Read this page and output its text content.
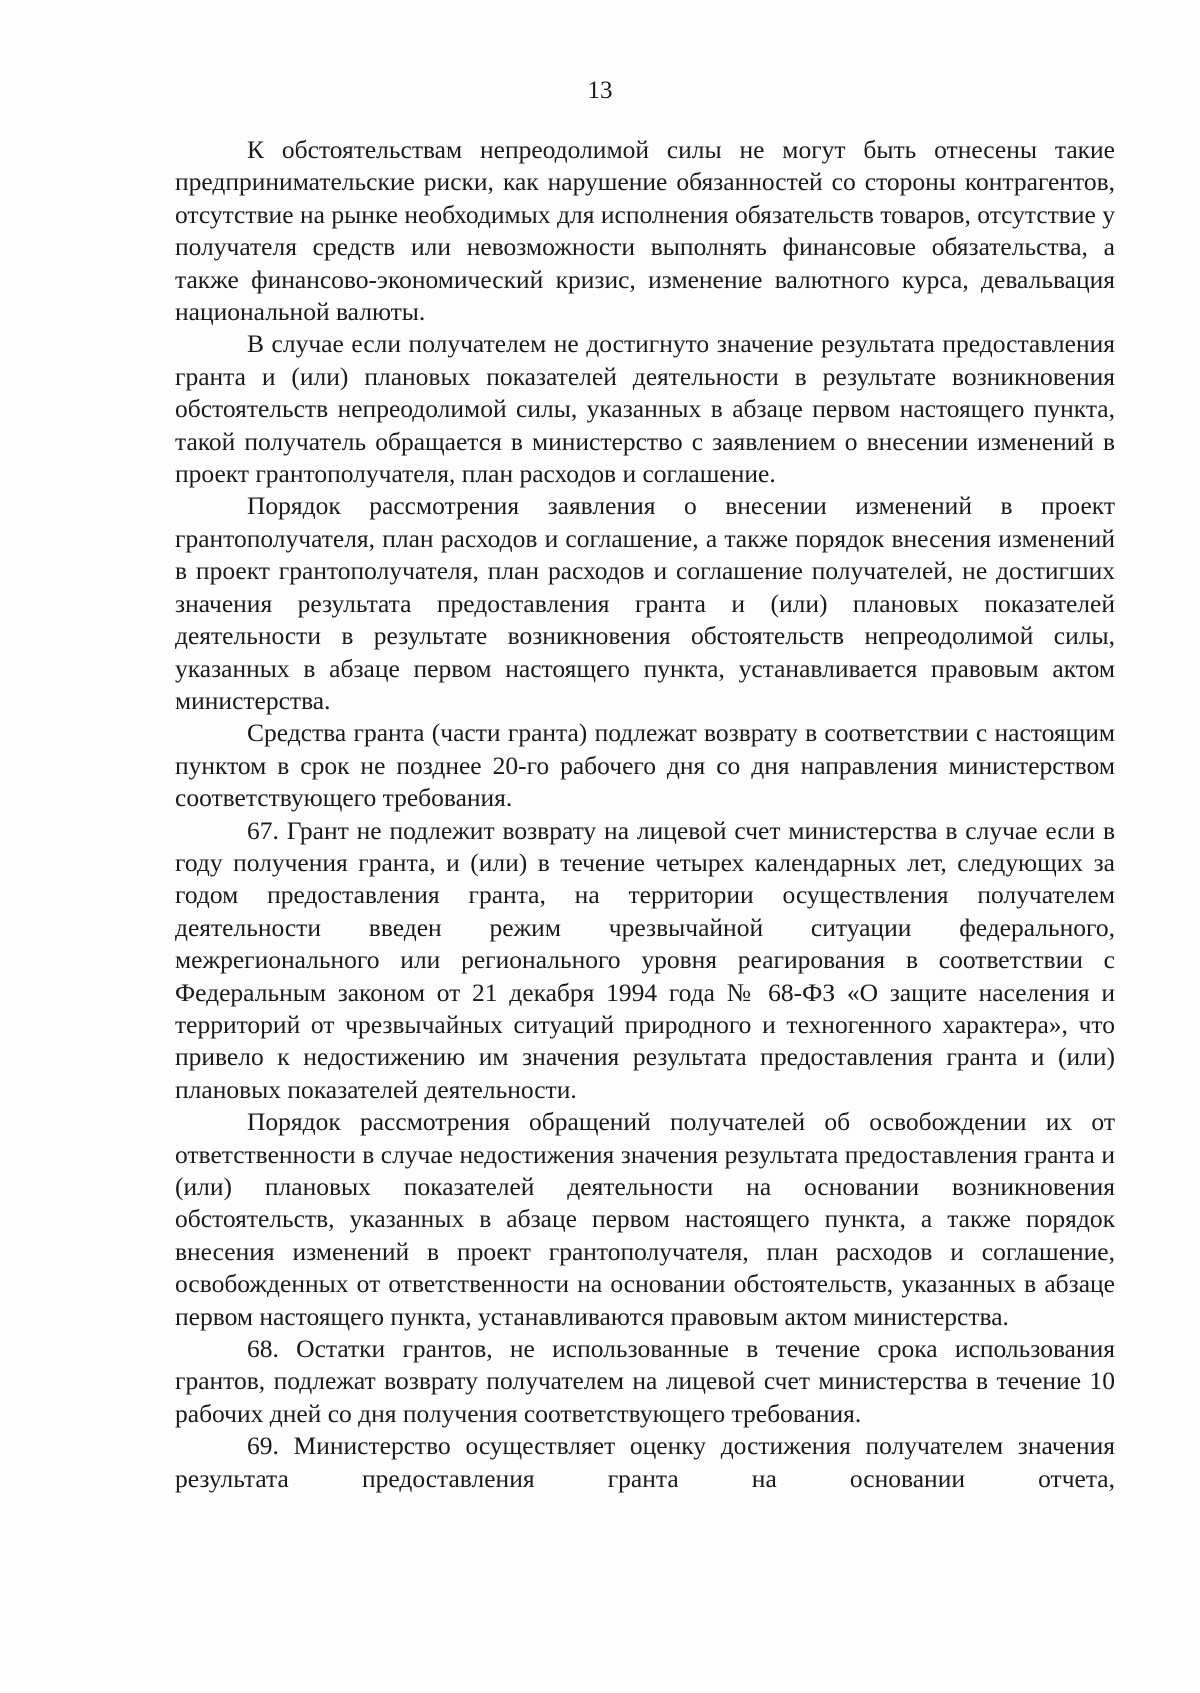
13

К обстоятельствам непреодолимой силы не могут быть отнесены такие предпринимательские риски, как нарушение обязанностей со стороны контрагентов, отсутствие на рынке необходимых для исполнения обязательств товаров, отсутствие у получателя средств или невозможности выполнять финансовые обязательства, а также финансово-экономический кризис, изменение валютного курса, девальвация национальной валюты.

В случае если получателем не достигнуто значение результата предоставления гранта и (или) плановых показателей деятельности в результате возникновения обстоятельств непреодолимой силы, указанных в абзаце первом настоящего пункта, такой получатель обращается в министерство с заявлением о внесении изменений в проект грантополучателя, план расходов и соглашение.

Порядок рассмотрения заявления о внесении изменений в проект грантополучателя, план расходов и соглашение, а также порядок внесения изменений в проект грантополучателя, план расходов и соглашение получателей, не достигших значения результата предоставления гранта и (или) плановых показателей деятельности в результате возникновения обстоятельств непреодолимой силы, указанных в абзаце первом настоящего пункта, устанавливается правовым актом министерства.

Средства гранта (части гранта) подлежат возврату в соответствии с настоящим пунктом в срок не позднее 20-го рабочего дня со дня направления министерством соответствующего требования.

67. Грант не подлежит возврату на лицевой счет министерства в случае если в году получения гранта, и (или) в течение четырех календарных лет, следующих за годом предоставления гранта, на территории осуществления получателем деятельности введен режим чрезвычайной ситуации федерального, межрегионального или регионального уровня реагирования в соответствии с Федеральным законом от 21 декабря 1994 года № 68-ФЗ «О защите населения и территорий от чрезвычайных ситуаций природного и техногенного характера», что привело к недостижению им значения результата предоставления гранта и (или) плановых показателей деятельности.

Порядок рассмотрения обращений получателей об освобождении их от ответственности в случае недостижения значения результата предоставления гранта и (или) плановых показателей деятельности на основании возникновения обстоятельств, указанных в абзаце первом настоящего пункта, а также порядок внесения изменений в проект грантополучателя, план расходов и соглашение, освобожденных от ответственности на основании обстоятельств, указанных в абзаце первом настоящего пункта, устанавливаются правовым актом министерства.

68. Остатки грантов, не использованные в течение срока использования грантов, подлежат возврату получателем на лицевой счет министерства в течение 10 рабочих дней со дня получения соответствующего требования.

69. Министерство осуществляет оценку достижения получателем значения результата предоставления гранта на основании отчета,
